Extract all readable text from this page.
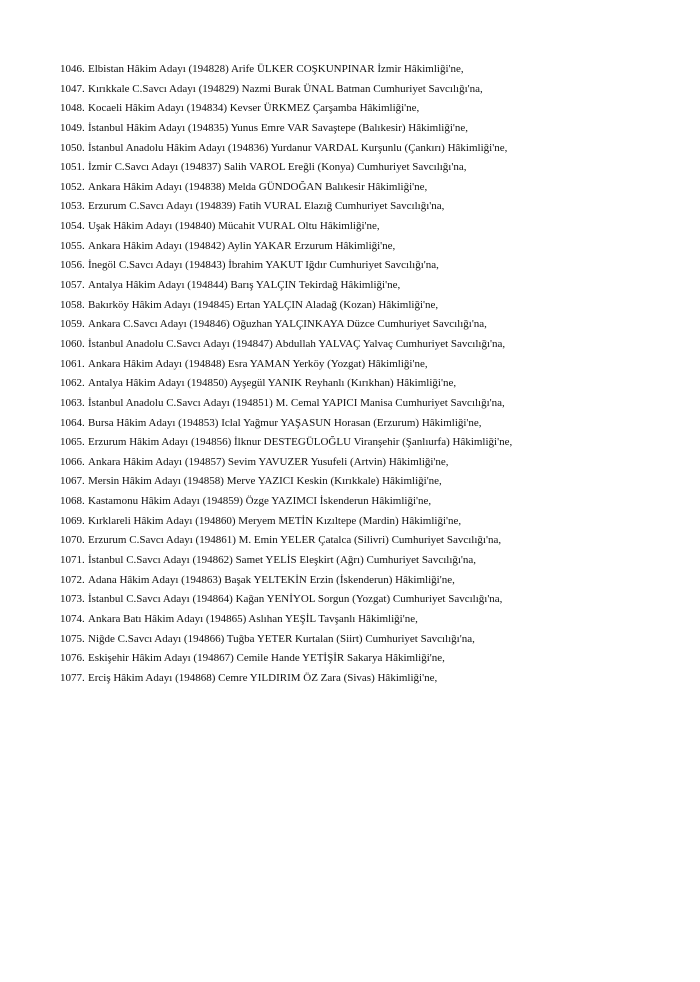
1046. Elbistan Hâkim Adayı (194828) Arife ÜLKER COŞKUNPINAR İzmir Hâkimliği'ne,
1047. Kırıkkale C.Savcı Adayı (194829) Nazmi Burak ÜNAL Batman Cumhuriyet Savcılığı'na,
1048. Kocaeli Hâkim Adayı (194834) Kevser ÜRKMEZ Çarşamba Hâkimliği'ne,
1049. İstanbul Hâkim Adayı (194835) Yunus Emre VAR Savaştepe (Balıkesir) Hâkimliği'ne,
1050. İstanbul Anadolu Hâkim Adayı (194836) Yurdanur VARDAL Kurşunlu (Çankırı) Hâkimliği'ne,
1051. İzmir C.Savcı Adayı (194837) Salih VAROL Ereğli (Konya) Cumhuriyet Savcılığı'na,
1052. Ankara Hâkim Adayı (194838) Melda GÜNDOĞAN Balıkesir Hâkimliği'ne,
1053. Erzurum C.Savcı Adayı (194839) Fatih VURAL Elazığ Cumhuriyet Savcılığı'na,
1054. Uşak Hâkim Adayı (194840) Mücahit VURAL Oltu Hâkimliği'ne,
1055. Ankara Hâkim Adayı (194842) Aylin YAKAR Erzurum Hâkimliği'ne,
1056. İnegöl C.Savcı Adayı (194843) İbrahim YAKUT Iğdır Cumhuriyet Savcılığı'na,
1057. Antalya Hâkim Adayı (194844) Barış YALÇIN Tekirdağ Hâkimliği'ne,
1058. Bakırköy Hâkim Adayı (194845) Ertan YALÇIN Aladağ (Kozan) Hâkimliği'ne,
1059. Ankara C.Savcı Adayı (194846) Oğuzhan YALÇINKAYA Düzce Cumhuriyet Savcılığı'na,
1060. İstanbul Anadolu C.Savcı Adayı (194847) Abdullah YALVAÇ Yalvaç Cumhuriyet Savcılığı'na,
1061. Ankara Hâkim Adayı (194848) Esra YAMAN Yerköy (Yozgat) Hâkimliği'ne,
1062. Antalya Hâkim Adayı (194850) Ayşegül YANIK Reyhanlı (Kırıkhan) Hâkimliği'ne,
1063. İstanbul Anadolu C.Savcı Adayı (194851) M. Cemal YAPICI Manisa Cumhuriyet Savcılığı'na,
1064. Bursa Hâkim Adayı (194853) Iclal Yağmur YAŞASUN Horasan (Erzurum) Hâkimliği'ne,
1065. Erzurum Hâkim Adayı (194856) İlknur DESTEGÜLOĞLU Viranşehir (Şanlıurfa) Hâkimliği'ne,
1066. Ankara Hâkim Adayı (194857) Sevim YAVUZER Yusufeli (Artvin) Hâkimliği'ne,
1067. Mersin Hâkim Adayı (194858) Merve YAZICI Keskin (Kırıkkale) Hâkimliği'ne,
1068. Kastamonu Hâkim Adayı (194859) Özge YAZIMCI İskenderun Hâkimliği'ne,
1069. Kırklareli Hâkim Adayı (194860) Meryem METİN Kızıltepe (Mardin) Hâkimliği'ne,
1070. Erzurum C.Savcı Adayı (194861) M. Emin YELER Çatalca (Silivri) Cumhuriyet Savcılığı'na,
1071. İstanbul C.Savcı Adayı (194862) Samet YELİS Eleşkirt (Ağrı) Cumhuriyet Savcılığı'na,
1072. Adana Hâkim Adayı (194863) Başak YELTEKİN Erzin (İskenderun) Hâkimliği'ne,
1073. İstanbul C.Savcı Adayı (194864) Kağan YENİYOL Sorgun (Yozgat) Cumhuriyet Savcılığı'na,
1074. Ankara Batı Hâkim Adayı (194865) Aslıhan YEŞİL Tavşanlı Hâkimliği'ne,
1075. Niğde C.Savcı Adayı (194866) Tuğba YETER Kurtalan (Siirt) Cumhuriyet Savcılığı'na,
1076. Eskişehir Hâkim Adayı (194867) Cemile Hande YETİŞİR Sakarya Hâkimliği'ne,
1077. Erciş Hâkim Adayı (194868) Cemre YILDIRIM ÖZ Zara (Sivas) Hâkimliği'ne,
